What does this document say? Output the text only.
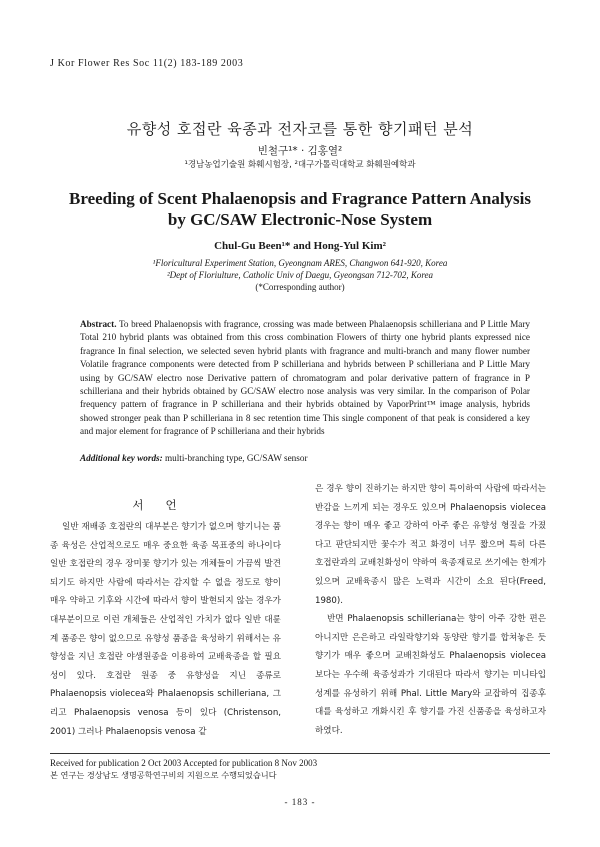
J Kor Flower Res Soc 11(2) 183-189 2003
유향성 호접란 육종과 전자코를 통한 향기패턴 분석
빈철구¹* · 김홍열²
¹경남농업기술원 화훼시험장, ²대구가톨릭대학교 화훼원예학과
Breeding of Scent Phalaenopsis and Fragrance Pattern Analysis
by GC/SAW Electronic-Nose System
Chul-Gu Been¹* and Hong-Yul Kim²
¹Floricultural Experiment Station, Gyeongnam ARES, Changwon 641-920, Korea
²Dept of Floriulture, Catholic Univ of Daegu, Gyeongsan 712-702, Korea
(*Corresponding author)
Abstract. To breed Phalaenopsis with fragrance, crossing was made between Phalaenopsis schilleriana and P Little Mary Total 210 hybrid plants was obtained from this cross combination Flowers of thirty one hybrid plants expressed nice fragrance In final selection, we selected seven hybrid plants with fragrance and multi-branch and many flower number Volatile fragrance components were detected from P schilleriana and hybrids between P schilleriana and P Little Mary using by GC/SAW electro nose Derivative pattern of chromatogram and polar derivative pattern of fragrance in P schilleriana and their hybrids obtained by GC/SAW electro nose analysis was very similar. In the comparison of Polar frequency pattern of fragrance in P schilleriana and their hybrids obtained by VaporPrint™ image analysis, hybrids showed stronger peak than P schilleriana in 8 sec retention time This single component of that peak is considered a key and major element for fragrance of P schilleriana and their hybrids
Additional key words: multi-branching type, GC/SAW sensor
서언

일반 재배종 호접란의 대부분은 향기가 없으며 향기니는 품종 육성은 산업적으로도 매우 중요한 육종 목표중의 하나이다 일반 호접란의 경우 장미꽃 향기가 있는 개체들이 가끔씩 발견되기도 하지만 사람에 따라서는 감지할 수 없을 정도로 향이 매우 약하고 기후와 시간에 따라서 향이 발현되지 않는 경우가 대부분이므로 이런 개체들은 산업적인 가치가 없다 일반 대륜계 품종은 향이 없으므로 유향성 품종을 육성하기 위해서는 유향성을 지닌 호접란 야생원종을 이용하여 교배육종을 할 필요성이 있다. 호접란 원종 중 유향성을 지닌 종류로 Phalaenopsis violecea와 Phalaenopsis schilleriana, 그리고 Phalaenopsis venosa 등이 있다 (Christenson, 2001) 그러나 Phalaenopsis venosa 같

은 경우 향이 진하기는 하지만 향이 특이하여 사람에 따라서는 반감을 느끼게 되는 경우도 있으며 Phalaenopsis violecea 경우는 향이 매우 좋고 강하여 아주 좋은 유향성 형질을 가졌다고 판단되지만 꽃수가 적고 화경이 너무 짧으며 특히 다른 호접란과의 교배친화성이 약하여 육종재료로 쓰기에는 한계가 있으며 교배육종시 많은 노력과 시간이 소요 된다(Freed, 1980).

반면 Phalaenopsis schilleriana는 향이 아주 강한 편은 아니지만 은은하고 라일락향기와 동양란 향기를 합쳐놓은 듯 향기가 매우 좋으며 교배친화성도 Phalaenopsis violecea 보다는 우수해 육종성과가 기대된다 따라서 향기는 미니타입성계를 유성하기 위해 Phal. Little Mary와 교잡하여 집종후대를 육성하고 개화시킨 후 향기를 가진 신품종을 육성하고자 하였다.

Received for publication 2 Oct 2003 Accepted for publication 8 Nov 2003
본 연구는 경상남도 생명공학연구비의 지원으로 수행되었습니다
- 183 -
